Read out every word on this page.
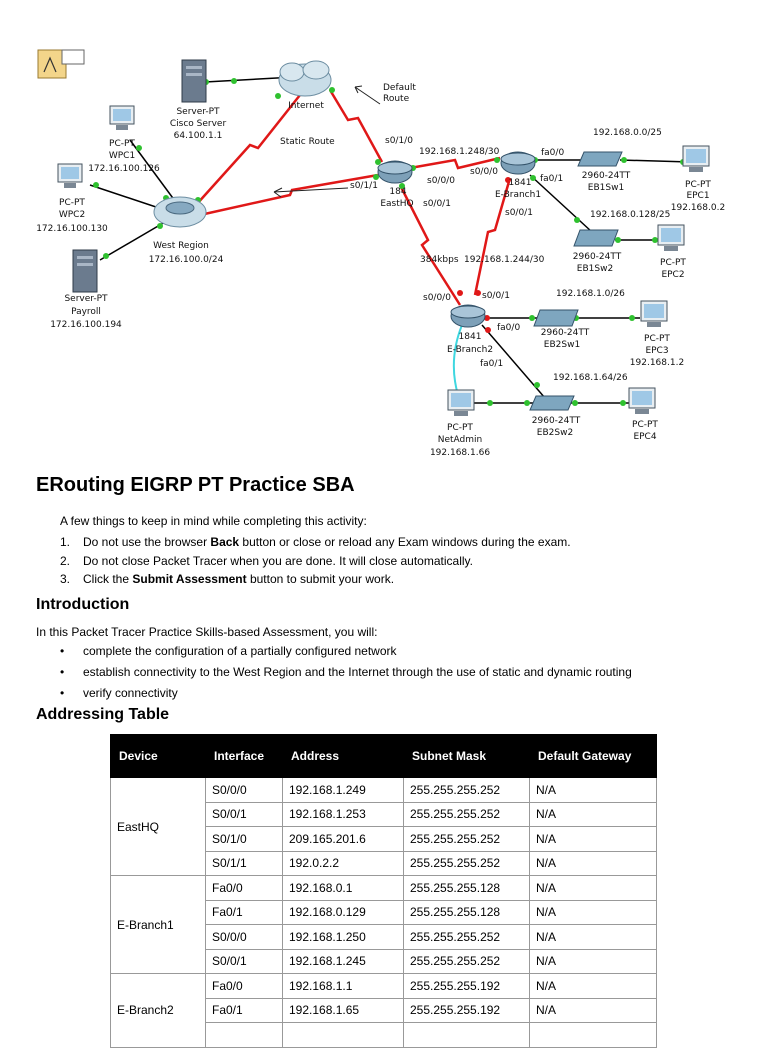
Server-PT
Cisco Server
64.100.1.1
Internet
Default
Route
Static Route
PC-PT
WPC1
172.16.100.126
PC-PT
WPC2
172.16.100.130
Server-PT
Payroll
172.16.100.194
West Region
172.16.100.0/24
184
EastHQ
1841
E-Branch1
1841
E-Branch2
2960-24TT
EB1Sw1
2960-24TT
EB1Sw2
2960-24TT
EB2Sw1
2960-24TT
EB2Sw2
PC-PT
EPC1
192.168.0.2
PC-PT
EPC2
PC-PT
EPC3
192.168.1.2
PC-PT
EPC4
PC-PT
NetAdmin
192.168.1.66
s0/1/0
s0/1/1	s0/0/0
s0/0/1
s0/0/0
s0/0/1
fa0/0
fa0/1
s0/0/0	s0/0/1
fa0/0
fa0/1
192.168.1.248/30
192.168.1.244/30
384kbps
192.168.0.0/25
192.168.0.128/25
192.168.1.0/26
192.168.1.64/26
ERouting EIGRP PT Practice SBA

A few things to keep in mind while completing this activity:

1. Do not use the browser Back button or close or reload any Exam windows during the exam.
2. Do not close Packet Tracer when you are done. It will close automatically.
3. Click the Submit Assessment button to submit your work.
Introduction

In this Packet Tracer Practice Skills-based Assessment, you will:

• complete the configuration of a partially configured network
• establish connectivity to the West Region and the Internet through the use of static and dynamic routing
• verify connectivity
Addressing Table
Device	Interface	Address	Subnet Mask	Default Gateway
EastHQ	S0/0/0	192.168.1.249	255.255.255.252	N/A
	S0/0/1	192.168.1.253	255.255.255.252	N/A
	S0/1/0	209.165.201.6	255.255.255.252	N/A
	S0/1/1	192.0.2.2	255.255.255.252	N/A
E-Branch1	Fa0/0	192.168.0.1	255.255.255.128	N/A
	Fa0/1	192.168.0.129	255.255.255.128	N/A
	S0/0/0	192.168.1.250	255.255.255.252	N/A
	S0/0/1	192.168.1.245	255.255.255.252	N/A
E-Branch2	Fa0/0	192.168.1.1	255.255.255.192	N/A
	Fa0/1	192.168.1.65	255.255.255.192	N/A
